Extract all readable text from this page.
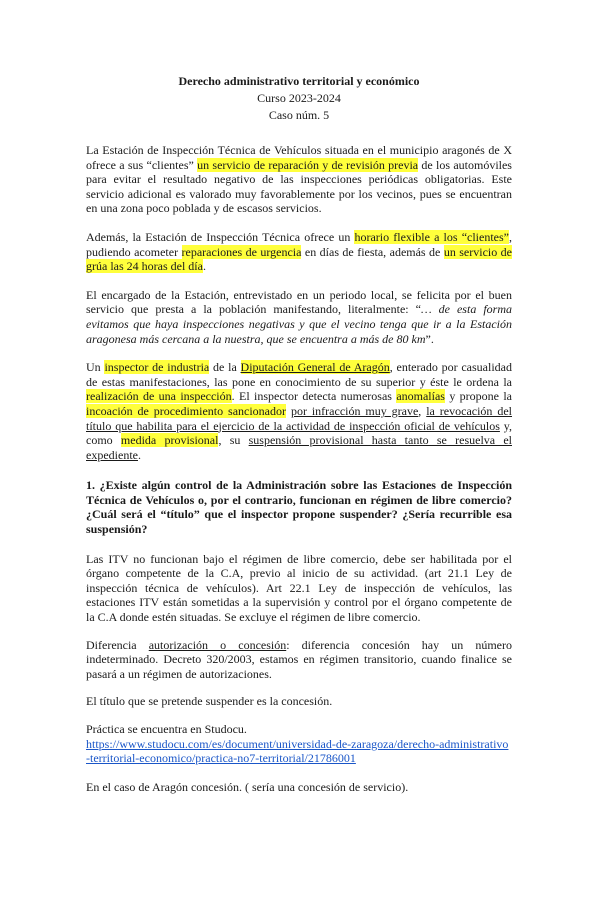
Derecho administrativo territorial y económico
Curso 2023-2024
Caso núm. 5

La Estación de Inspección Técnica de Vehículos situada en el municipio aragonés de X ofrece a sus “clientes” un servicio de reparación y de revisión previa de los automóviles para evitar el resultado negativo de las inspecciones periódicas obligatorias. Este servicio adicional es valorado muy favorablemente por los vecinos, pues se encuentran en una zona poco poblada y de escasos servicios.

Además, la Estación de Inspección Técnica ofrece un horario flexible a los “clientes”, pudiendo acometer reparaciones de urgencia en días de fiesta, además de un servicio de grúa las 24 horas del día.

El encargado de la Estación, entrevistado en un periodo local, se felicita por el buen servicio que presta a la población manifestando, literalmente: “… de esta forma evitamos que haya inspecciones negativas y que el vecino tenga que ir a la Estación aragonesa más cercana a la nuestra, que se encuentra a más de 80 km”.

Un inspector de industria de la Diputación General de Aragón, enterado por casualidad de estas manifestaciones, las pone en conocimiento de su superior y éste le ordena la realización de una inspección. El inspector detecta numerosas anomalías y propone la incoación de procedimiento sancionador por infracción muy grave, la revocación del título que habilita para el ejercicio de la actividad de inspección oficial de vehículos y, como medida provisional, su suspensión provisional hasta tanto se resuelva el expediente.

1. ¿Existe algún control de la Administración sobre las Estaciones de Inspección Técnica de Vehículos o, por el contrario, funcionan en régimen de libre comercio? ¿Cuál será el “título” que el inspector propone suspender? ¿Sería recurrible esa suspensión?

Las ITV no funcionan bajo el régimen de libre comercio, debe ser habilitada por el órgano competente de la C.A, previo al inicio de su actividad. (art 21.1 Ley de inspección técnica de vehículos). Art 22.1 Ley de inspección de vehículos, las estaciones ITV están sometidas a la supervisión y control por el órgano competente de la C.A donde estén situadas. Se excluye el régimen de libre comercio.

Diferencia autorización o concesión: diferencia concesión hay un número indeterminado. Decreto 320/2003, estamos en régimen transitorio, cuando finalice se pasará a un régimen de autorizaciones.

El título que se pretende suspender es la concesión.

Práctica se encuentra en Studocu.
https://www.studocu.com/es/document/universidad-de-zaragoza/derecho-administrativo-territorial-economico/practica-no7-territorial/21786001

En el caso de Aragón concesión. ( sería una concesión de servicio).
